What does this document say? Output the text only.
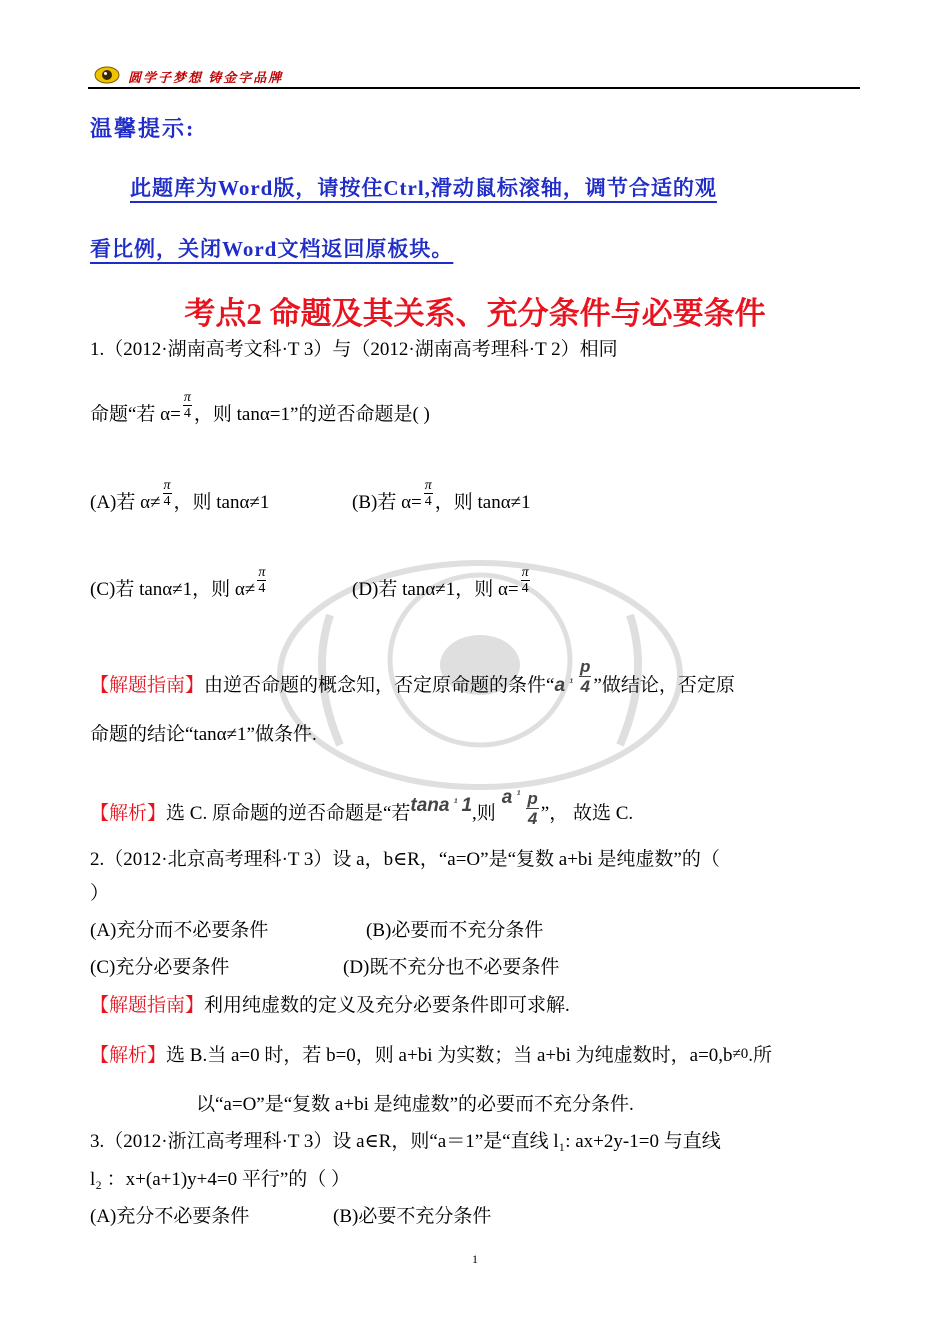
圆学子梦想 铸金字品牌
温馨提示:
此题库为Word版，请按住Ctrl,滑动鼠标滚轴，调节合适的观
看比例，关闭Word文档返回原板块。
考点2 命题及其关系、充分条件与必要条件
1.（2012·湖南高考文科·T 3）与（2012·湖南高考理科·T 2）相同
命题“若 $\alpha= \frac{\pi}{4}$ ，则 tanα=1”的逆否命题是( )
(A)若 $\alpha\ne \frac{\pi}{4}$ ，则 tanα≠1	(B)若 $\alpha= \frac{\pi}{4}$ ，则 tanα≠1
(C)若 tanα≠1，则 $\alpha\ne \frac{\pi}{4}$	(D)若 tanα≠1，则 $\alpha= \frac{\pi}{4}$
【解题指南】由逆否命题的概念知，否定原命题的条件“a $^{^1} \frac{p}{4}$ ”做结论，否定原
命题的结论“tanα≠1”做条件.
【解析】选 C. 原命题的逆否命题是“若tana $^{^1}$ 1,则a $^{^1} \frac{p}{4}$ ”， 故选 C.
2.（2012·北京高考理科·T 3）设 a，b∈R，“a=O”是“复数 a+bi 是纯虚数”的（
）
(A)充分而不必要条件	(B)必要而不充分条件
(C)充分必要条件	(D)既不充分也不必要条件
【解题指南】利用纯虚数的定义及充分必要条件即可求解.
【解析】选 B.当 a=0 时，若 b=0，则 a+bi 为实数；当 a+bi 为纯虚数时，a=0,b≠0.所
以“a=O”是“复数 a+bi 是纯虚数”的必要而不充分条件.
3.（2012·浙江高考理科·T 3）设 a∈R，则“a＝1”是“直线 l₁: ax+2y-1=0 与直线
l₂ ：x+(a+1)y+4=0 平行”的（ ）
(A)充分不必要条件	(B)必要不充分条件
1
